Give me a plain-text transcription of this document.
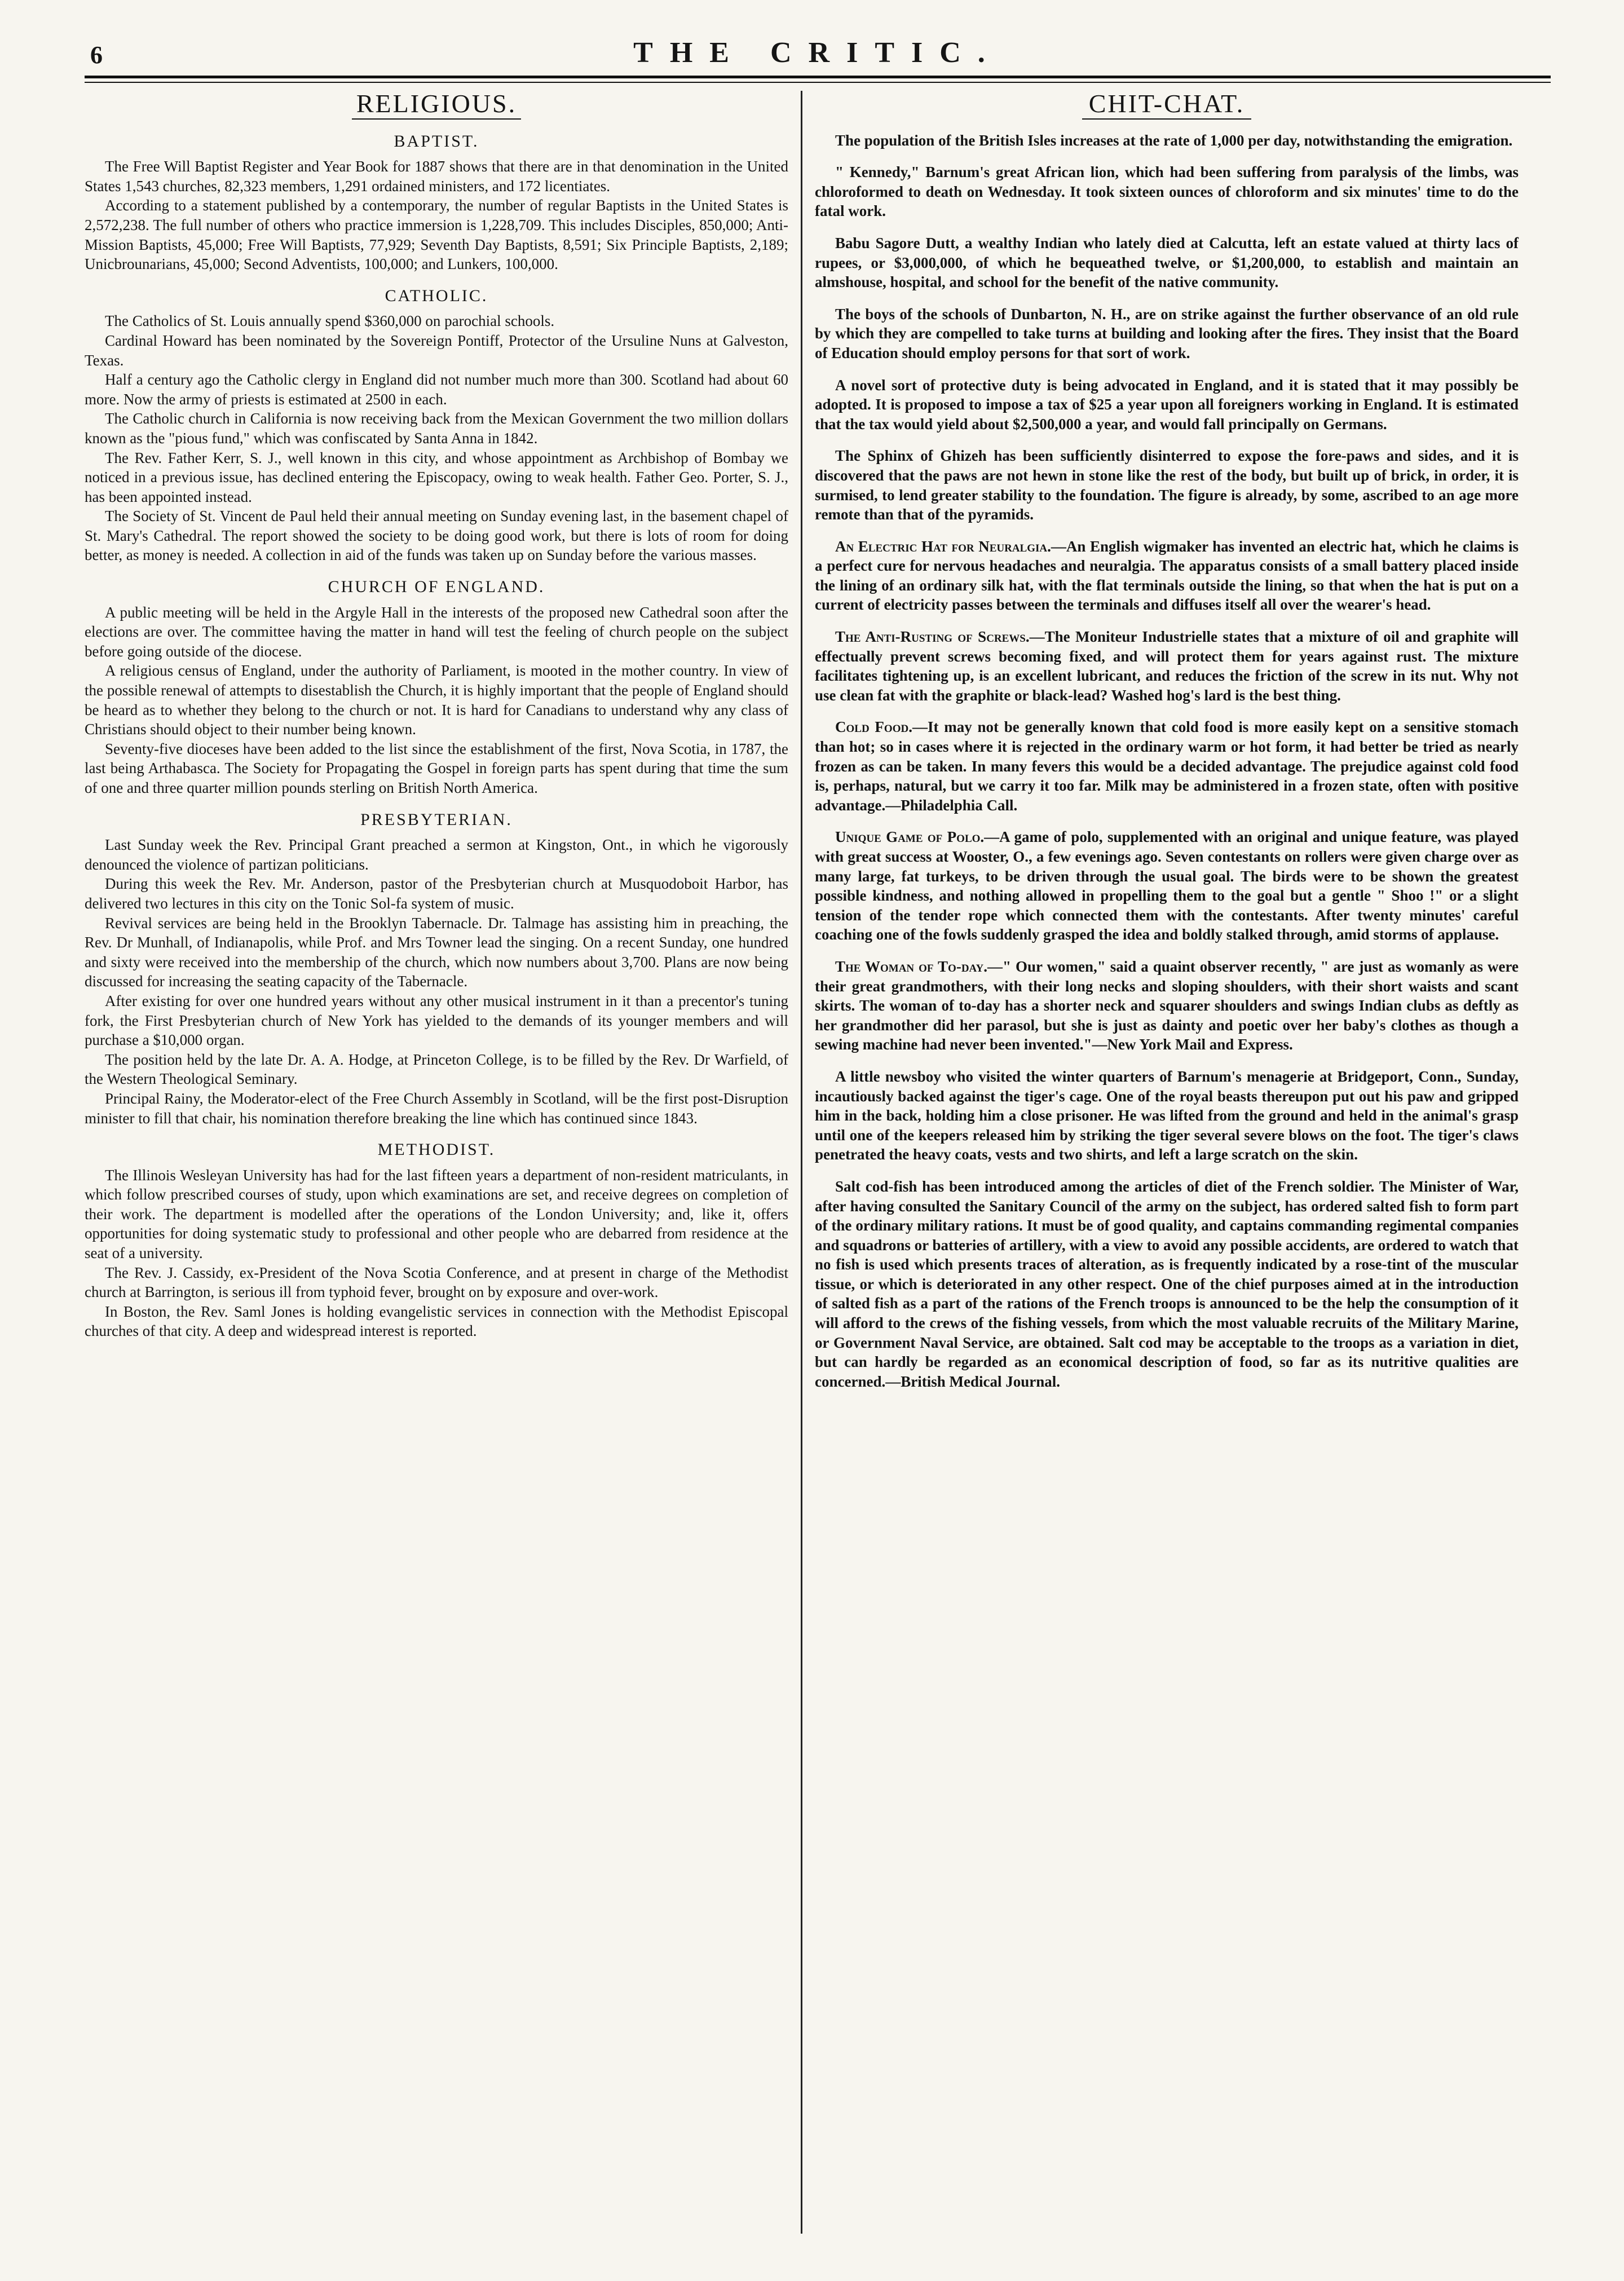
6	THE CRITIC.
RELIGIOUS.
BAPTIST.

The Free Will Baptist Register and Year Book for 1887 shows that there are in that denomination in the United States 1,543 churches, 82,323 members, 1,291 ordained ministers, and 172 licentiates.

According to a statement published by a contemporary, the number of regular Baptists in the United States is 2,572,238. The full number of others who practice immersion is 1,228,709. This includes Disciples, 850,000; Anti-Mission Baptists, 45,000; Free Will Baptists, 77,929; Seventh Day Baptists, 8,591; Six Principle Baptists, 2,189; Unicbrounarians, 45,000; Second Adventists, 100,000; and Lunkers, 100,000.

CATHOLIC.

The Catholics of St. Louis annually spend $360,000 on parochial schools.

Cardinal Howard has been nominated by the Sovereign Pontiff, Protector of the Ursuline Nuns at Galveston, Texas.

Half a century ago the Catholic clergy in England did not number much more than 300. Scotland had about 60 more. Now the army of priests is estimated at 2500 in each.

The Catholic church in California is now receiving back from the Mexican Government the two million dollars known as the "pious fund," which was confiscated by Santa Anna in 1842.

The Rev. Father Kerr, S. J., well known in this city, and whose appointment as Archbishop of Bombay we noticed in a previous issue, has declined entering the Episcopacy, owing to weak health. Father Geo. Porter, S. J., has been appointed instead.

The Society of St. Vincent de Paul held their annual meeting on Sunday evening last, in the basement chapel of St. Mary's Cathedral. The report showed the society to be doing good work, but there is lots of room for doing better, as money is needed. A collection in aid of the funds was taken up on Sunday before the various masses.

CHURCH OF ENGLAND.

A public meeting will be held in the Argyle Hall in the interests of the proposed new Cathedral soon after the elections are over. The committee having the matter in hand will test the feeling of church people on the subject before going outside of the diocese.

A religious census of England, under the authority of Parliament, is mooted in the mother country. In view of the possible renewal of attempts to disestablish the Church, it is highly important that the people of England should be heard as to whether they belong to the church or not. It is hard for Canadians to understand why any class of Christians should object to their number being known.

Seventy-five dioceses have been added to the list since the establishment of the first, Nova Scotia, in 1787, the last being Arthabasca. The Society for Propagating the Gospel in foreign parts has spent during that time the sum of one and three quarter million pounds sterling on British North America.

PRESBYTERIAN.

Last Sunday week the Rev. Principal Grant preached a sermon at Kingston, Ont., in which he vigorously denounced the violence of partizan politicians.

During this week the Rev. Mr. Anderson, pastor of the Presbyterian church at Musquodoboit Harbor, has delivered two lectures in this city on the Tonic Sol-fa system of music.

Revival services are being held in the Brooklyn Tabernacle. Dr. Talmage has assisting him in preaching, the Rev. Dr Munhall, of Indianapolis, while Prof. and Mrs Towner lead the singing. On a recent Sunday, one hundred and sixty were received into the membership of the church, which now numbers about 3,700. Plans are now being discussed for increasing the seating capacity of the Tabernacle.

After existing for over one hundred years without any other musical instrument in it than a precentor's tuning fork, the First Presbyterian church of New York has yielded to the demands of its younger members and will purchase a $10,000 organ.

The position held by the late Dr. A. A. Hodge, at Princeton College, is to be filled by the Rev. Dr Warfield, of the Western Theological Seminary.

Principal Rainy, the Moderator-elect of the Free Church Assembly in Scotland, will be the first post-Disruption minister to fill that chair, his nomination therefore breaking the line which has continued since 1843.

METHODIST.

The Illinois Wesleyan University has had for the last fifteen years a department of non-resident matriculants, in which follow prescribed courses of study, upon which examinations are set, and receive degrees on completion of their work. The department is modelled after the operations of the London University; and, like it, offers opportunities for doing systematic study to professional and other people who are debarred from residence at the seat of a university.

The Rev. J. Cassidy, ex-President of the Nova Scotia Conference, and at present in charge of the Methodist church at Barrington, is serious ill from typhoid fever, brought on by exposure and over-work.

In Boston, the Rev. Saml Jones is holding evangelistic services in connection with the Methodist Episcopal churches of that city. A deep and widespread interest is reported.

CHIT-CHAT.

The population of the British Isles increases at the rate of 1,000 per day, notwithstanding the emigration.

" Kennedy," Barnum's great African lion, which had been suffering from paralysis of the limbs, was chloroformed to death on Wednesday. It took sixteen ounces of chloroform and six minutes' time to do the fatal work.

Babu Sagore Dutt, a wealthy Indian who lately died at Calcutta, left an estate valued at thirty lacs of rupees, or $3,000,000, of which he bequeathed twelve, or $1,200,000, to establish and maintain an almshouse, hospital, and school for the benefit of the native community.

The boys of the schools of Dunbarton, N. H., are on strike against the further observance of an old rule by which they are compelled to take turns at building and looking after the fires. They insist that the Board of Education should employ persons for that sort of work.

A novel sort of protective duty is being advocated in England, and it is stated that it may possibly be adopted. It is proposed to impose a tax of $25 a year upon all foreigners working in England. It is estimated that the tax would yield about $2,500,000 a year, and would fall principally on Germans.

The Sphinx of Ghizeh has been sufficiently disinterred to expose the fore-paws and sides, and it is discovered that the paws are not hewn in stone like the rest of the body, but built up of brick, in order, it is surmised, to lend greater stability to the foundation. The figure is already, by some, ascribed to an age more remote than that of the pyramids.

An Electric Hat for Neuralgia.—An English wigmaker has invented an electric hat, which he claims is a perfect cure for nervous headaches and neuralgia. The apparatus consists of a small battery placed inside the lining of an ordinary silk hat, with the flat terminals outside the lining, so that when the hat is put on a current of electricity passes between the terminals and diffuses itself all over the wearer's head.

The Anti-Rusting of Screws.—The Moniteur Industrielle states that a mixture of oil and graphite will effectually prevent screws becoming fixed, and will protect them for years against rust. The mixture facilitates tightening up, is an excellent lubricant, and reduces the friction of the screw in its nut. Why not use clean fat with the graphite or black-lead? Washed hog's lard is the best thing.

Cold Food.—It may not be generally known that cold food is more easily kept on a sensitive stomach than hot; so in cases where it is rejected in the ordinary warm or hot form, it had better be tried as nearly frozen as can be taken. In many fevers this would be a decided advantage. The prejudice against cold food is, perhaps, natural, but we carry it too far. Milk may be administered in a frozen state, often with positive advantage.—Philadelphia Call.

Unique Game of Polo.—A game of polo, supplemented with an original and unique feature, was played with great success at Wooster, O., a few evenings ago. Seven contestants on rollers were given charge over as many large, fat turkeys, to be driven through the usual goal. The birds were to be shown the greatest possible kindness, and nothing allowed in propelling them to the goal but a gentle " Shoo !" or a slight tension of the tender rope which connected them with the contestants. After twenty minutes' careful coaching one of the fowls suddenly grasped the idea and boldly stalked through, amid storms of applause.

The Woman of To-day.—" Our women," said a quaint observer recently, " are just as womanly as were their great grandmothers, with their long necks and sloping shoulders, with their short waists and scant skirts. The woman of to-day has a shorter neck and squarer shoulders and swings Indian clubs as deftly as her grandmother did her parasol, but she is just as dainty and poetic over her baby's clothes as though a sewing machine had never been invented."—New York Mail and Express.

A little newsboy who visited the winter quarters of Barnum's menagerie at Bridgeport, Conn., Sunday, incautiously backed against the tiger's cage. One of the royal beasts thereupon put out his paw and gripped him in the back, holding him a close prisoner. He was lifted from the ground and held in the animal's grasp until one of the keepers released him by striking the tiger several severe blows on the foot. The tiger's claws penetrated the heavy coats, vests and two shirts, and left a large scratch on the skin.

Salt cod-fish has been introduced among the articles of diet of the French soldier. The Minister of War, after having consulted the Sanitary Council of the army on the subject, has ordered salted fish to form part of the ordinary military rations. It must be of good quality, and captains commanding regimental companies and squadrons or batteries of artillery, with a view to avoid any possible accidents, are ordered to watch that no fish is used which presents traces of alteration, as is frequently indicated by a rose-tint of the muscular tissue, or which is deteriorated in any other respect. One of the chief purposes aimed at in the introduction of salted fish as a part of the rations of the French troops is announced to be the help the consumption of it will afford to the crews of the fishing vessels, from which the most valuable recruits of the Military Marine, or Government Naval Service, are obtained. Salt cod may be acceptable to the troops as a variation in diet, but can hardly be regarded as an economical description of food, so far as its nutritive qualities are concerned.—British Medical Journal.
